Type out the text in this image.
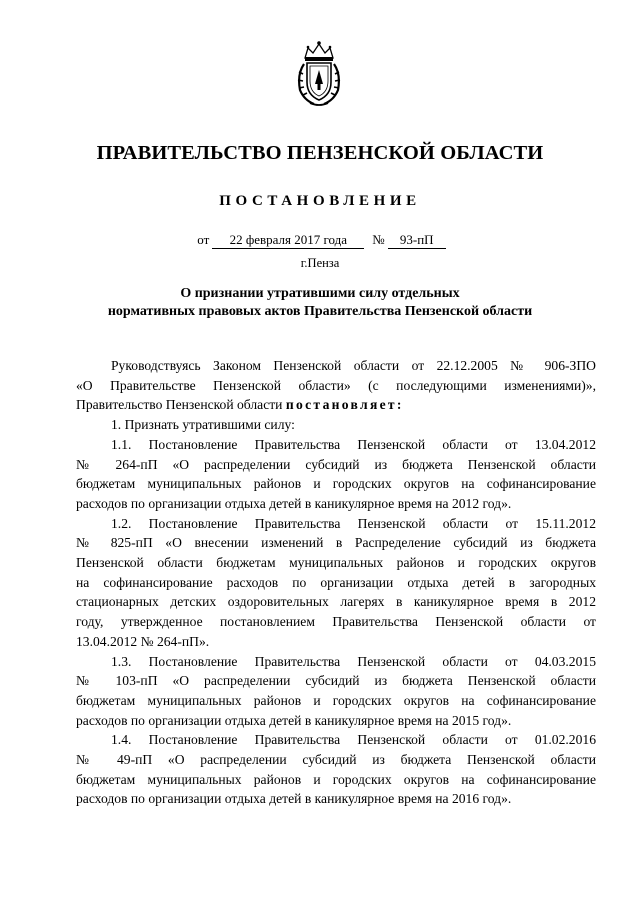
ПРАВИТЕЛЬСТВО ПЕНЗЕНСКОЙ ОБЛАСТИ
ПОСТАНОВЛЕНИЕ
от 22 февраля 2017 года № 93-пП
г.Пенза
О признании утратившими силу отдельных
нормативных правовых актов Правительства Пензенской области
Руководствуясь Законом Пензенской области от 22.12.2005 № 906-ЗПО
«О Правительстве Пензенской области» (с последующими изменениями)»,
Правительство Пензенской области постановляет:
1. Признать утратившими силу:
1.1. Постановление Правительства Пензенской области от 13.04.2012
№ 264-пП «О распределении субсидий из бюджета Пензенской области
бюджетам муниципальных районов и городских округов на софинансирование
расходов по организации отдыха детей в каникулярное время на 2012 год».
1.2. Постановление Правительства Пензенской области от 15.11.2012
№ 825-пП «О внесении изменений в Распределение субсидий из бюджета
Пензенской области бюджетам муниципальных районов и городских округов
на софинансирование расходов по организации отдыха детей в загородных
стационарных детских оздоровительных лагерях в каникулярное время в 2012
году, утвержденное постановлением Правительства Пензенской области от
13.04.2012 № 264-пП».
1.3. Постановление Правительства Пензенской области от 04.03.2015
№ 103-пП «О распределении субсидий из бюджета Пензенской области
бюджетам муниципальных районов и городских округов на софинансирование
расходов по организации отдыха детей в каникулярное время на 2015 год».
1.4. Постановление Правительства Пензенской области от 01.02.2016
№ 49-пП «О распределении субсидий из бюджета Пензенской области
бюджетам муниципальных районов и городских округов на софинансирование
расходов по организации отдыха детей в каникулярное время на 2016 год».
